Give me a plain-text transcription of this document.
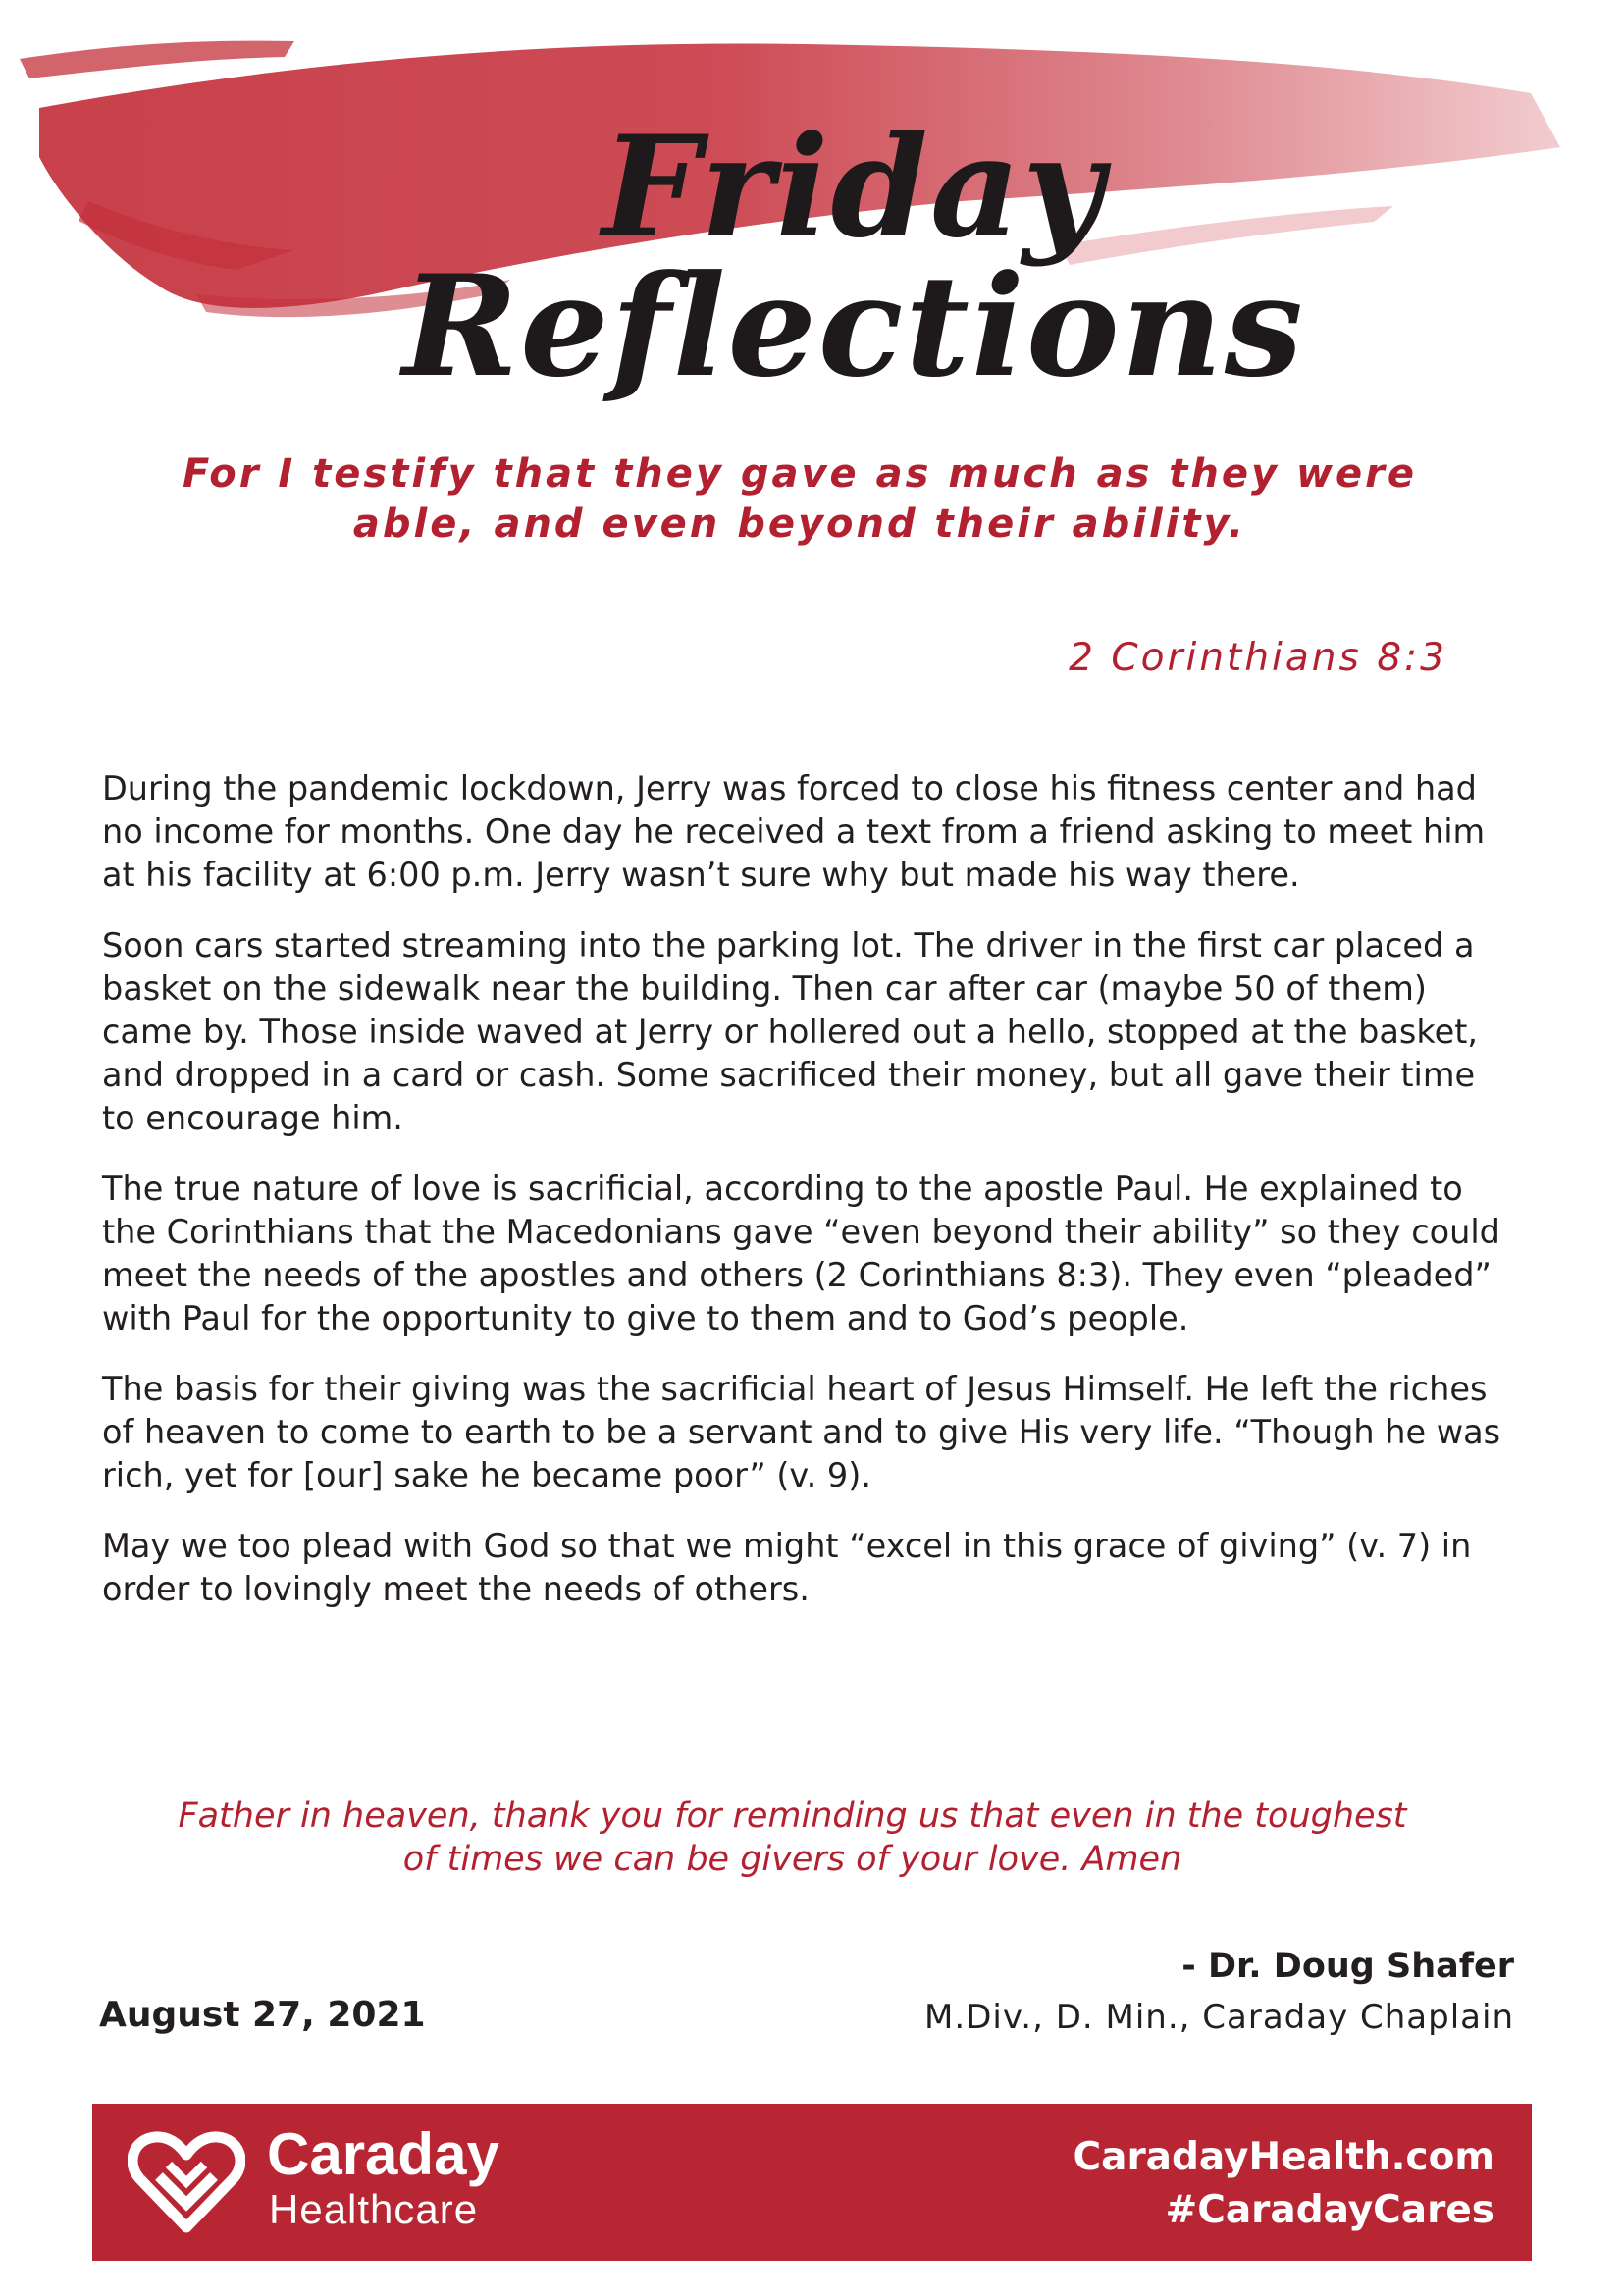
Friday Reflections
For I testify that they gave as much as they were able, and even beyond their ability.
2 Corinthians 8:3

During the pandemic lockdown, Jerry was forced to close his fitness center and had no income for months. One day he received a text from a friend asking to meet him at his facility at 6:00 p.m. Jerry wasn’t sure why but made his way there.

Soon cars started streaming into the parking lot. The driver in the first car placed a basket on the sidewalk near the building. Then car after car (maybe 50 of them) came by. Those inside waved at Jerry or hollered out a hello, stopped at the basket, and dropped in a card or cash. Some sacrificed their money, but all gave their time to encourage him.

The true nature of love is sacrificial, according to the apostle Paul. He explained to the Corinthians that the Macedonians gave “even beyond their ability” so they could meet the needs of the apostles and others (2 Corinthians 8:3). They even “pleaded” with Paul for the opportunity to give to them and to God’s people.

The basis for their giving was the sacrificial heart of Jesus Himself. He left the riches of heaven to come to earth to be a servant and to give His very life. “Though he was rich, yet for [our] sake he became poor” (v. 9).

May we too plead with God so that we might “excel in this grace of giving” (v. 7) in order to lovingly meet the needs of others.

Father in heaven, thank you for reminding us that even in the toughest of times we can be givers of your love. Amen
- Dr. Doug Shafer
M.Div., D. Min., Caraday Chaplain
August 27, 2021
Caraday
Healthcare
CaradayHealth.com
#CaradayCares
